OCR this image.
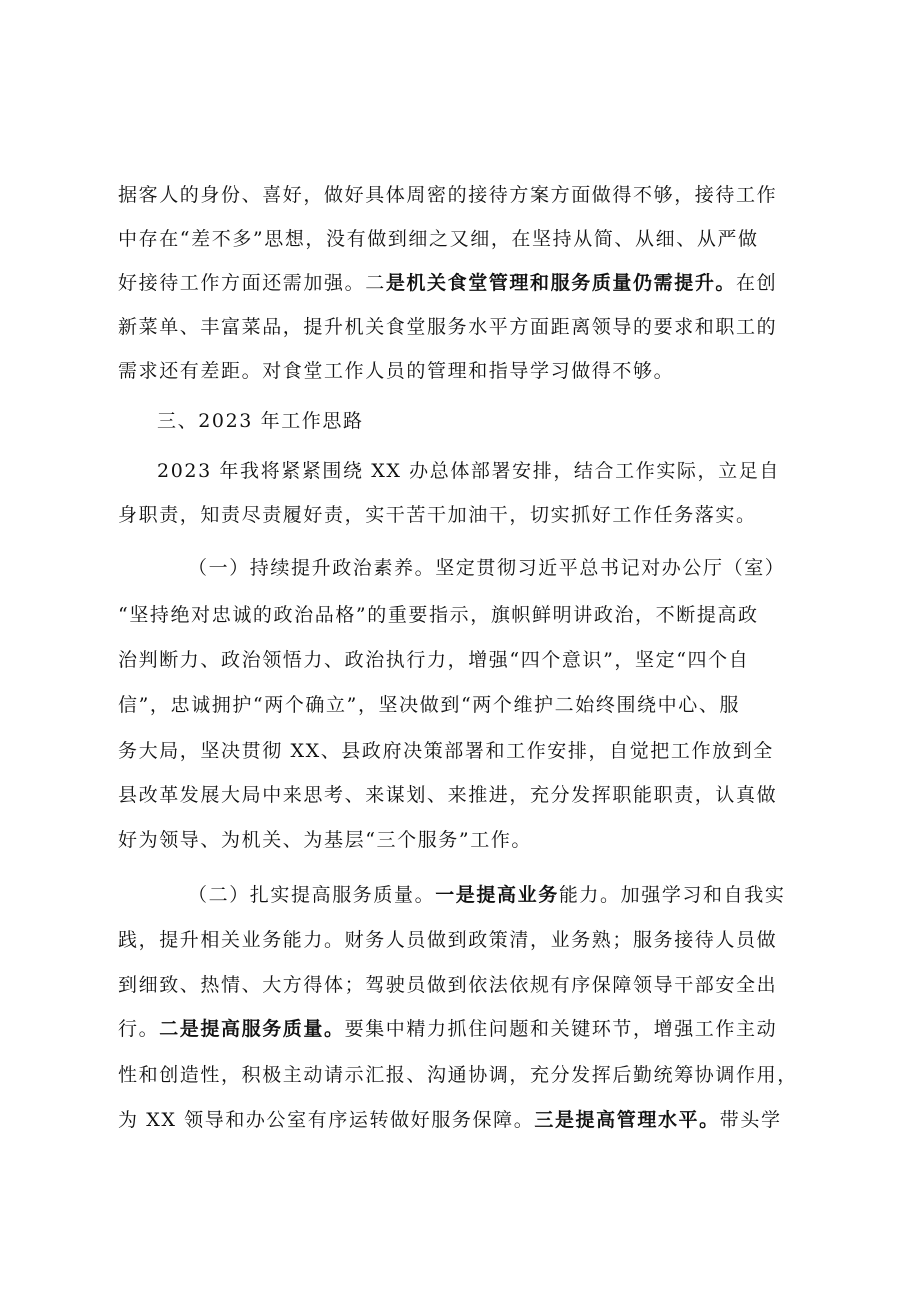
据客人的身份、喜好，做好具体周密的接待方案方面做得不够，接待工作
中存在“差不多”思想，没有做到细之又细，在坚持从简、从细、从严做
好接待工作方面还需加强。二是机关食堂管理和服务质量仍需提升。在创
新菜单、丰富菜品，提升机关食堂服务水平方面距离领导的要求和职工的
需求还有差距。对食堂工作人员的管理和指导学习做得不够。
三、2023 年工作思路
2023 年我将紧紧围绕 XX 办总体部署安排，结合工作实际，立足自
身职责，知责尽责履好责，实干苦干加油干，切实抓好工作任务落实。
（一）持续提升政治素养。坚定贯彻习近平总书记对办公厅（室）
“坚持绝对忠诚的政治品格”的重要指示，旗帜鲜明讲政治，不断提高政
治判断力、政治领悟力、政治执行力，增强“四个意识”，坚定“四个自
信”，忠诚拥护“两个确立”，坚决做到“两个维护二始终围绕中心、服
务大局，坚决贯彻 XX、县政府决策部署和工作安排，自觉把工作放到全
县改革发展大局中来思考、来谋划、来推进，充分发挥职能职责，认真做
好为领导、为机关、为基层“三个服务”工作。
（二）扎实提高服务质量。一是提高业务能力。加强学习和自我实
践，提升相关业务能力。财务人员做到政策清，业务熟；服务接待人员做
到细致、热情、大方得体；驾驶员做到依法依规有序保障领导干部安全出
行。二是提高服务质量。要集中精力抓住问题和关键环节，增强工作主动
性和创造性，积极主动请示汇报、沟通协调，充分发挥后勤统筹协调作用，
为 XX 领导和办公室有序运转做好服务保障。三是提高管理水平。带头学
